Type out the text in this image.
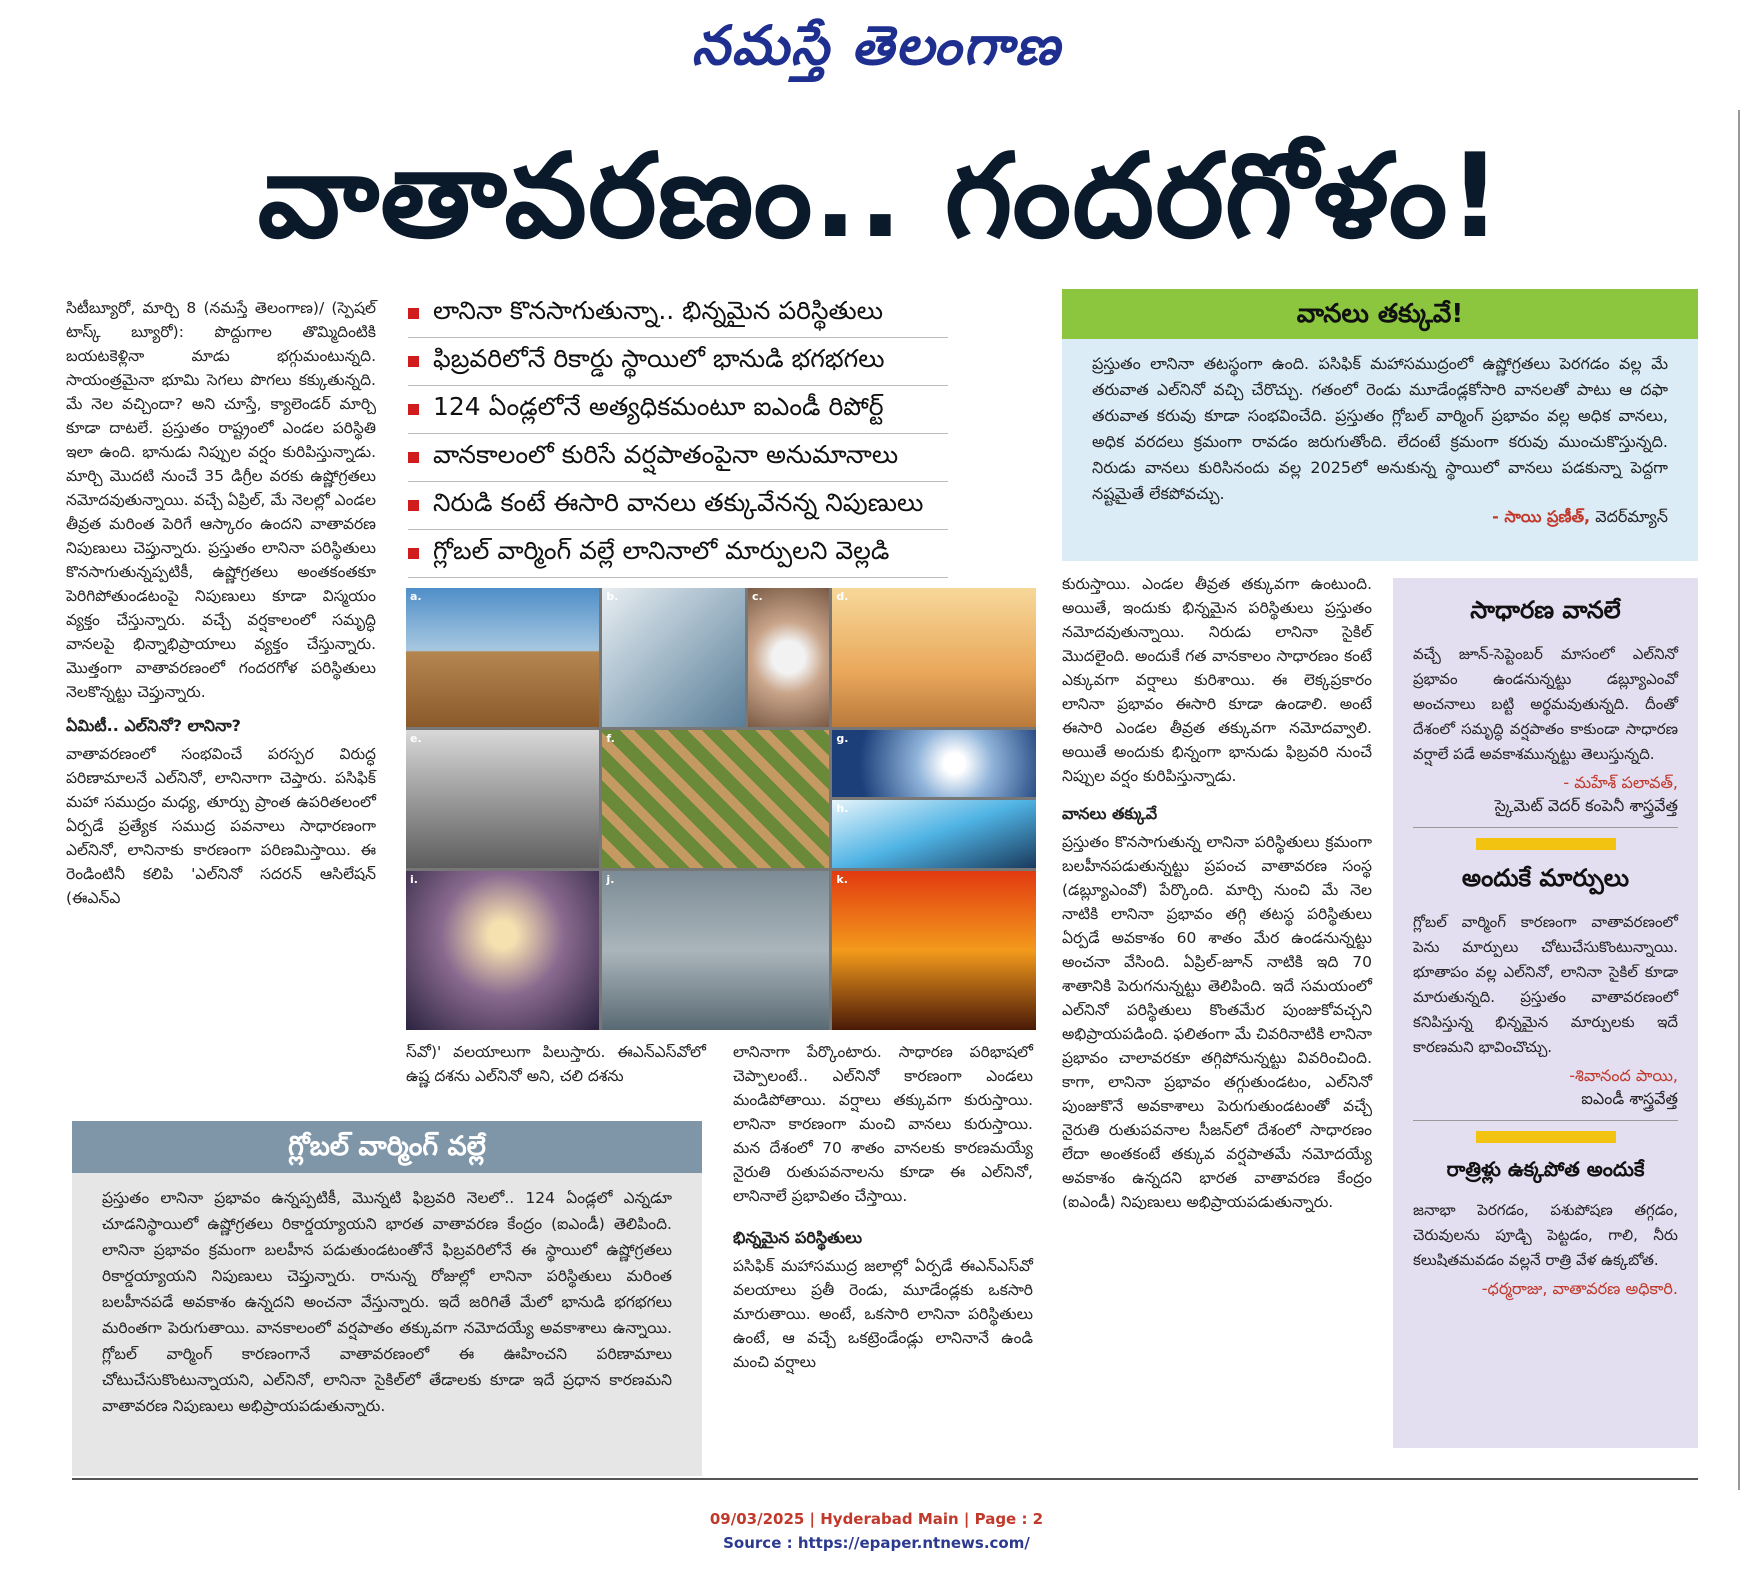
నమస్తే తెలంగాణ
వాతావరణం.. గందరగోళం!

సిటీబ్యూరో, మార్చి 8 (నమస్తే తెలంగాణ)/ (స్పెషల్ టాస్క్ బ్యూరో): పొద్దుగాల తొమ్మిదింటికి బయటకెళ్లినా మాడు భగ్గుమంటున్నది. సాయంత్రమైనా భూమి సెగలు పొగలు కక్కుతున్నది. మే నెల వచ్చిందా? అని చూస్తే, క్యాలెండర్ మార్చి కూడా దాటలే. ప్రస్తుతం రాష్ట్రంలో ఎండల పరిస్థితి ఇలా ఉంది. భానుడు నిప్పుల వర్షం కురిపిస్తున్నాడు. మార్చి మొదటి నుంచే 35 డిగ్రీల వరకు ఉష్ణోగ్రతలు నమోదవుతున్నాయి. వచ్చే ఏప్రిల్, మే నెలల్లో ఎండల తీవ్రత మరింత పెరిగే ఆస్కారం ఉందని వాతావరణ నిపుణులు చెప్తున్నారు. ప్రస్తుతం లానినా పరిస్థితులు కొనసాగుతున్నప్పటికీ, ఉష్ణోగ్రతలు అంతకంతకూ పెరిగిపోతుండటంపై నిపుణులు కూడా విస్మయం వ్యక్తం చేస్తున్నారు. వచ్చే వర్షకాలంలో సమృద్ధి వానలపై భిన్నాభిప్రాయాలు వ్యక్తం చేస్తున్నారు. మొత్తంగా వాతావరణంలో గందరగోళ పరిస్థితులు నెలకొన్నట్టు చెప్తున్నారు.

ఏమిటీ.. ఎల్‌నినో? లానినా?

వాతావరణంలో సంభవించే పరస్పర విరుద్ధ పరిణామాలనే ఎల్‌నినో, లానినాగా చెప్తారు. పసిఫిక్ మహా సముద్రం మధ్య, తూర్పు ప్రాంత ఉపరితలంలో ఏర్పడే ప్రత్యేక సముద్ర పవనాలు సాధారణంగా ఎల్‌నినో, లానినాకు కారణంగా పరిణమిస్తాయి. ఈ రెండింటినీ కలిపి 'ఎల్‌నినో సదరన్ ఆసిలేషన్ (ఈఎన్ఎ

లానినా కొనసాగుతున్నా.. భిన్నమైన పరిస్థితులు
ఫిబ్రవరిలోనే రికార్డు స్థాయిలో భానుడి భగభగలు
124 ఏండ్లలోనే అత్యధికమంటూ ఐఎండీ రిపోర్ట్
వానకాలంలో కురిసే వర్షపాతంపైనా అనుమానాలు
నిరుడి కంటే ఈసారి వానలు తక్కువేనన్న నిపుణులు
గ్లోబల్ వార్మింగ్ వల్లే లానినాలో మార్పులని వెల్లడి
a.	b.	c.	d.
e.	f.	g.
h.
i.	j.	k.

స్‌వో)' వలయాలుగా పిలుస్తారు. ఈఎన్ఎస్‌వోలో ఉష్ణ దశను ఎల్‌నినో అని, చలి దశను

లానినాగా పేర్కొంటారు. సాధారణ పరిభాషలో చెప్పాలంటే.. ఎల్‌నినో కారణంగా ఎండలు మండిపోతాయి. వర్షాలు తక్కువగా కురుస్తాయి. లానినా కారణంగా మంచి వానలు కురుస్తాయి. మన దేశంలో 70 శాతం వానలకు కారణమయ్యే నైరుతి రుతుపవనాలను కూడా ఈ ఎల్‌నినో, లానినాలే ప్రభావితం చేస్తాయి.

భిన్నమైన పరిస్థితులు

పసిఫిక్ మహాసముద్ర జలాల్లో ఏర్పడే ఈఎన్ఎస్‌వో వలయాలు ప్రతీ రెండు, మూడేండ్లకు ఒకసారి మారుతాయి. అంటే, ఒకసారి లానినా పరిస్థితులు ఉంటే, ఆ వచ్చే ఒకట్రెండేండ్లు లానినానే ఉండి మంచి వర్షాలు

కురుస్తాయి. ఎండల తీవ్రత తక్కువగా ఉంటుంది. అయితే, ఇందుకు భిన్నమైన పరిస్థితులు ప్రస్తుతం నమోదవుతున్నాయి. నిరుడు లానినా సైకిల్ మొదలైంది. అందుకే గత వానకాలం సాధారణం కంటే ఎక్కువగా వర్షాలు కురిశాయి. ఈ లెక్కప్రకారం లానినా ప్రభావం ఈసారి కూడా ఉండాలి. అంటే ఈసారి ఎండల తీవ్రత తక్కువగా నమోదవ్వాలి. అయితే అందుకు భిన్నంగా భానుడు ఫిబ్రవరి నుంచే నిప్పుల వర్షం కురిపిస్తున్నాడు.

వానలు తక్కువే

ప్రస్తుతం కొనసాగుతున్న లానినా పరిస్థితులు క్రమంగా బలహీనపడుతున్నట్టు ప్రపంచ వాతావరణ సంస్థ (డబ్ల్యూఎంవో) పేర్కొంది. మార్చి నుంచి మే నెల నాటికి లానినా ప్రభావం తగ్గి తటస్థ పరిస్థితులు ఏర్పడే అవకాశం 60 శాతం మేర ఉండనున్నట్టు అంచనా వేసింది. ఏప్రిల్-జూన్ నాటికి ఇది 70 శాతానికి పెరుగనున్నట్టు తెలిపింది. ఇదే సమయంలో ఎల్‌నినో పరిస్థితులు కొంతమేర పుంజుకోవచ్చని అభిప్రాయపడింది. ఫలితంగా మే చివరినాటికి లానినా ప్రభావం చాలావరకూ తగ్గిపోనున్నట్టు వివరించింది. కాగా, లానినా ప్రభావం తగ్గుతుండటం, ఎల్‌నినో పుంజుకొనే అవకాశాలు పెరుగుతుండటంతో వచ్చే నైరుతి రుతుపవనాల సీజన్‌లో దేశంలో సాధారణం లేదా అంతకంటే తక్కువ వర్షపాతమే నమోదయ్యే అవకాశం ఉన్నదని భారత వాతావరణ కేంద్రం (ఐఎండీ) నిపుణులు అభిప్రాయపడుతున్నారు.

వానలు తక్కువే!

ప్రస్తుతం లానినా తటస్థంగా ఉంది. పసిఫిక్ మహాసముద్రంలో ఉష్ణోగ్రతలు పెరగడం వల్ల మే తరువాత ఎల్‌నినో వచ్చి చేరొచ్చు. గతంలో రెండు మూడేండ్లకోసారి వానలతో పాటు ఆ దఫా తరువాత కరువు కూడా సంభవించేది. ప్రస్తుతం గ్లోబల్ వార్మింగ్ ప్రభావం వల్ల అధిక వానలు, అధిక వరదలు క్రమంగా రావడం జరుగుతోంది. లేదంటే క్రమంగా కరువు ముంచుకొస్తున్నది. నిరుడు వానలు కురిసినందు వల్ల 2025లో అనుకున్న స్థాయిలో వానలు పడకున్నా పెద్దగా నష్టమైతే లేకపోవచ్చు.

- సాయి ప్రణీత్, వెదర్‌మ్యాన్
సాధారణ వానలే

వచ్చే జూన్-సెప్టెంబర్ మాసంలో ఎల్‌నినో ప్రభావం ఉండనున్నట్టు డబ్ల్యూఎంవో అంచనాలు బట్టి అర్థమవుతున్నది. దీంతో దేశంలో సమృద్ధి వర్షపాతం కాకుండా సాధారణ వర్షాలే పడే అవకాశమున్నట్టు తెలుస్తున్నది.

- మహేశ్ పలావత్,
స్కైమెట్ వెదర్ కంపెనీ శాస్త్రవేత్త
అందుకే మార్పులు

గ్లోబల్ వార్మింగ్ కారణంగా వాతావరణంలో పెను మార్పులు చోటుచేసుకొంటున్నాయి. భూతాపం వల్ల ఎల్‌నినో, లానినా సైకిల్ కూడా మారుతున్నది. ప్రస్తుతం వాతావరణంలో కనిపిస్తున్న భిన్నమైన మార్పులకు ఇదే కారణమని భావించొచ్చు.

-శివానంద పాయి,
ఐఎండీ శాస్త్రవేత్త
రాత్రిళ్లు ఉక్కపోత అందుకే

జనాభా పెరగడం, పశుపోషణ తగ్గడం, చెరువులను పూడ్చి పెట్టడం, గాలి, నీరు కలుషితమవడం వల్లనే రాత్రి వేళ ఉక్కబోత.

-ధర్మరాజు, వాతావరణ అధికారి.
గ్లోబల్ వార్మింగ్ వల్లే

ప్రస్తుతం లానినా ప్రభావం ఉన్నప్పటికీ, మొన్నటి ఫిబ్రవరి నెలలో.. 124 ఏండ్లలో ఎన్నడూ చూడనిస్థాయిలో ఉష్ణోగ్రతలు రికార్డయ్యాయని భారత వాతావరణ కేంద్రం (ఐఎండీ) తెలిపింది. లానినా ప్రభావం క్రమంగా బలహీన పడుతుండటంతోనే ఫిబ్రవరిలోనే ఈ స్థాయిలో ఉష్ణోగ్రతలు రికార్డయ్యాయని నిపుణులు చెప్తున్నారు. రానున్న రోజుల్లో లానినా పరిస్థితులు మరింత బలహీనపడే అవకాశం ఉన్నదని అంచనా వేస్తున్నారు. ఇదే జరిగితే మేలో భానుడి భగభగలు మరింతగా పెరుగుతాయి. వానకాలంలో వర్షపాతం తక్కువగా నమోదయ్యే అవకాశాలు ఉన్నాయి. గ్లోబల్ వార్మింగ్ కారణంగానే వాతావరణంలో ఈ ఊహించని పరిణామాలు చోటుచేసుకొంటున్నాయని, ఎల్‌నినో, లానినా సైకిల్‌లో తేడాలకు కూడా ఇదే ప్రధాన కారణమని వాతావరణ నిపుణులు అభిప్రాయపడుతున్నారు.

09/03/2025 | Hyderabad Main | Page : 2
Source : https://epaper.ntnews.com/
